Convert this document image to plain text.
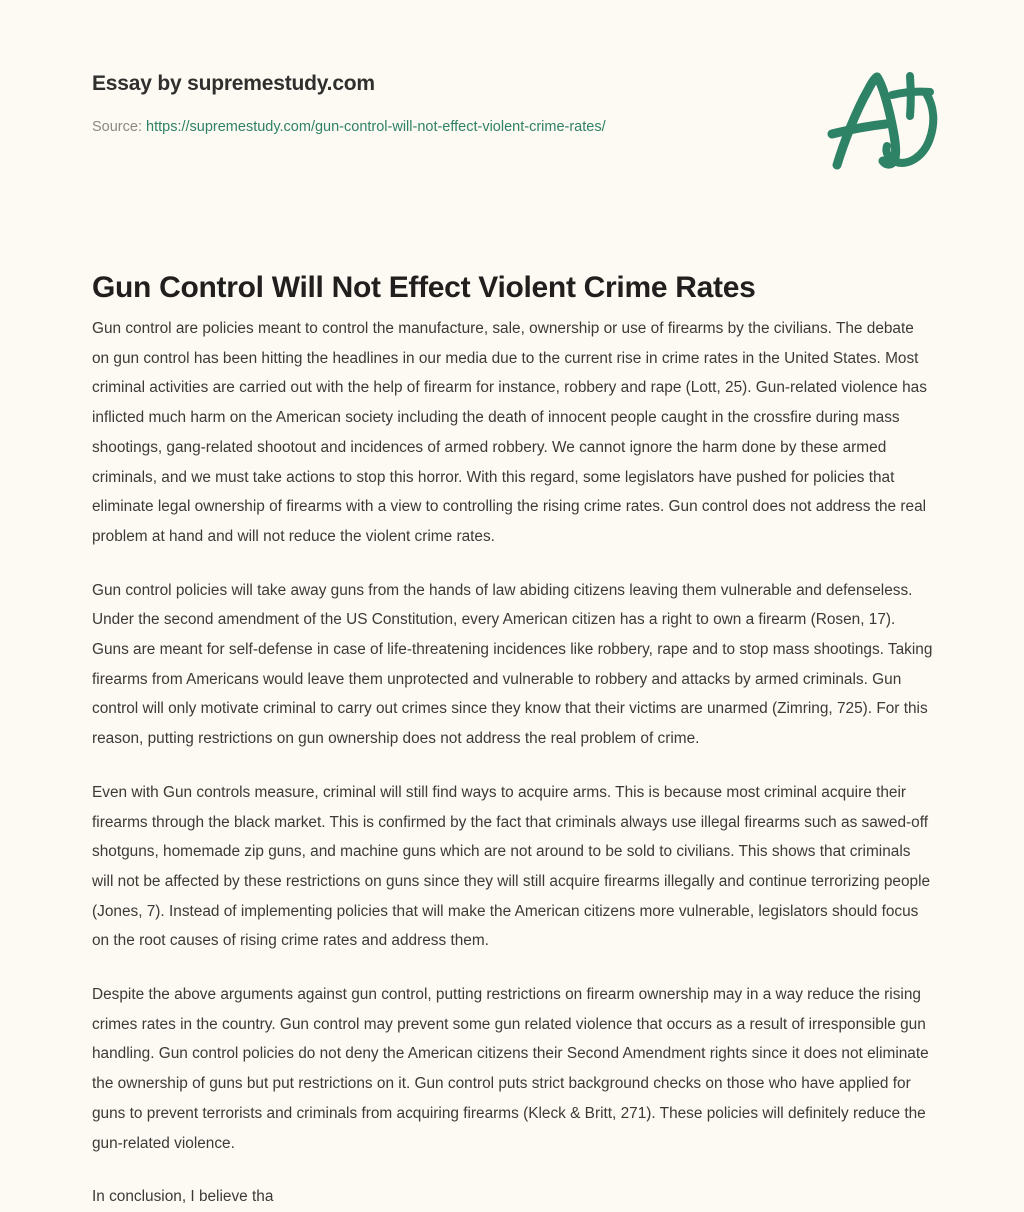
Essay by supremestudy.com
Source: https://supremestudy.com/gun-control-will-not-effect-violent-crime-rates/
Gun Control Will Not Effect Violent Crime Rates

Gun control are policies meant to control the manufacture, sale, ownership or use of firearms by the civilians. The debate on gun control has been hitting the headlines in our media due to the current rise in crime rates in the United States. Most criminal activities are carried out with the help of firearm for instance, robbery and rape (Lott, 25). Gun-related violence has inflicted much harm on the American society including the death of innocent people caught in the crossfire during mass shootings, gang-related shootout and incidences of armed robbery. We cannot ignore the harm done by these armed criminals, and we must take actions to stop this horror. With this regard, some legislators have pushed for policies that eliminate legal ownership of firearms with a view to controlling the rising crime rates. Gun control does not address the real problem at hand and will not reduce the violent crime rates.

Gun control policies will take away guns from the hands of law abiding citizens leaving them vulnerable and defenseless. Under the second amendment of the US Constitution, every American citizen has a right to own a firearm (Rosen, 17). Guns are meant for self-defense in case of life-threatening incidences like robbery, rape and to stop mass shootings. Taking firearms from Americans would leave them unprotected and vulnerable to robbery and attacks by armed criminals. Gun control will only motivate criminal to carry out crimes since they know that their victims are unarmed (Zimring, 725). For this reason, putting restrictions on gun ownership does not address the real problem of crime.

Even with Gun controls measure, criminal will still find ways to acquire arms. This is because most criminal acquire their firearms through the black market. This is confirmed by the fact that criminals always use illegal firearms such as sawed-off shotguns, homemade zip guns, and machine guns which are not around to be sold to civilians. This shows that criminals will not be affected by these restrictions on guns since they will still acquire firearms illegally and continue terrorizing people (Jones, 7). Instead of implementing policies that will make the American citizens more vulnerable, legislators should focus on the root causes of rising crime rates and address them.

Despite the above arguments against gun control, putting restrictions on firearm ownership may in a way reduce the rising crimes rates in the country. Gun control may prevent some gun related violence that occurs as a result of irresponsible gun handling. Gun control policies do not deny the American citizens their Second Amendment rights since it does not eliminate the ownership of guns but put restrictions on it. Gun control puts strict background checks on those who have applied for guns to prevent terrorists and criminals from acquiring firearms (Kleck & Britt, 271). These policies will definitely reduce the gun-related violence.

In conclusion, I believe tha
